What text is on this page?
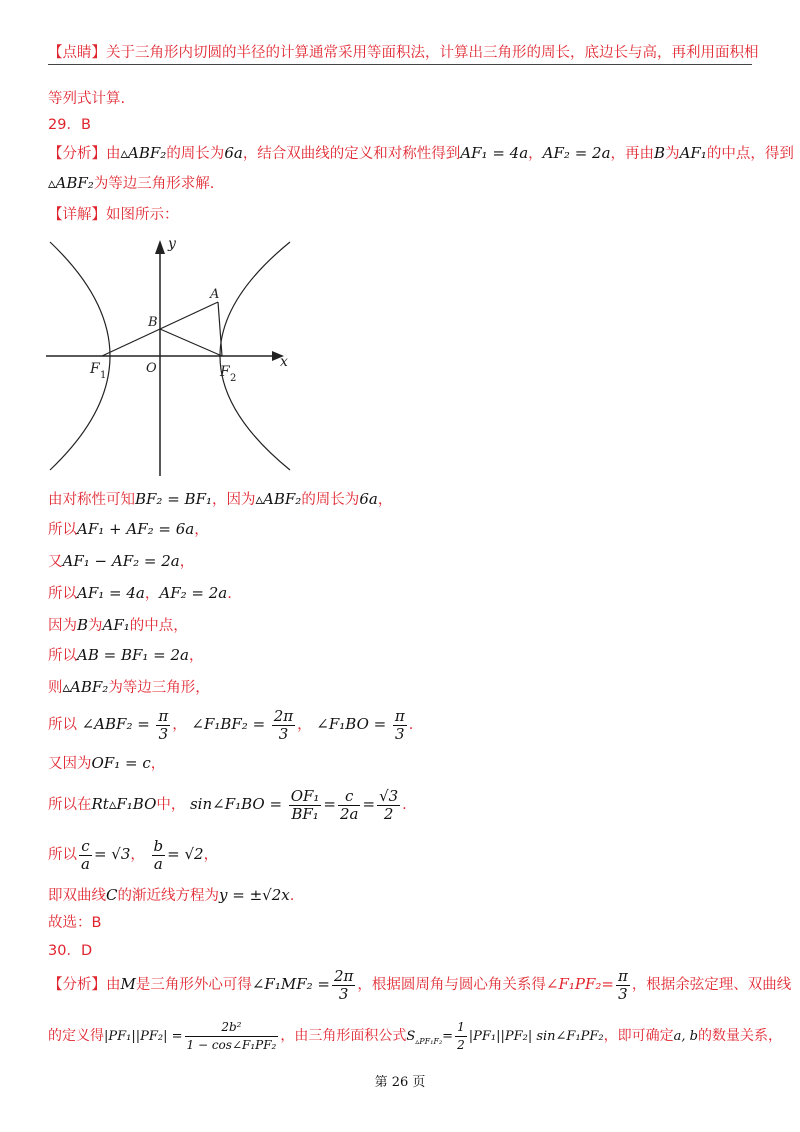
【点睛】关于三角形内切圆的半径的计算通常采用等面积法，计算出三角形的周长，底边长与高，再利用面积相
等列式计算.
29．B
【分析】由▵ABF₂的周长为6a，结合双曲线的定义和对称性得到AF₁ = 4a，AF₂ = 2a，再由B为AF₁的中点，得到
▵ABF₂为等边三角形求解.
【详解】如图所示：
y
x
A
B
O
F 1	F 2
由对称性可知BF₂ = BF₁，因为▵ABF₂的周长为6a，
所以AF₁ + AF₂ = 6a，
又AF₁ − AF₂ = 2a，
所以AF₁ = 4a，AF₂ = 2a.
因为B为AF₁的中点，
所以AB = BF₁ = 2a，
则▵ABF₂为等边三角形，
所以 ∠ABF₂ = $\frac{\pi}{3}$ ， ∠F₁BF₂ = $\frac{2\pi}{3}$ ， ∠F₁BO = $\frac{\pi}{3}$ .
又因为OF₁ = c，
所以在Rt▵F₁BO中， sin∠F₁BO = $\frac{\text{OF₁}}{\text{BF₁}} = \frac{c}{2a} = \frac{√3}{2}$ .
所以 $\frac{c}{a} = √3$， $\frac{b}{a} = √2$，
即双曲线C的渐近线方程为y = ±√2x.
故选：B
30．D
【分析】由M是三角形外心可得∠F₁MF₂ = $\frac{2\pi}{3}$ ，根据圆周角与圆心角关系得∠F₁PF₂= $\frac{\pi}{3}$ ，根据余弦定理、双曲线
的定义得$|PF_1||PF_2| = \frac{\text{2b²}}{\text{1 − cos∠F₁PF₂}}$ ，由三角形面积公式$S_{▵PF_1F_2}= \frac{1}{2} |PF_1||PF_2|$ sin∠F₁PF₂，即可确定a, b的数量关系，
第 26 页
